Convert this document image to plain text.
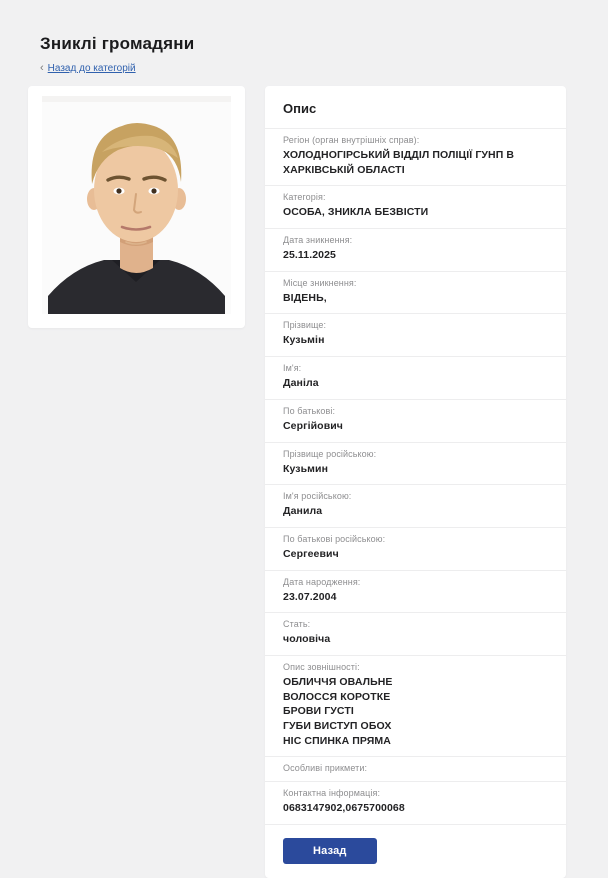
Зниклі громадяни
‹ Назад до категорій
Опис
Регіон (орган внутрішніх справ):
ХОЛОДНОГІРСЬКИЙ ВІДДІЛ ПОЛІЦІЇ ГУНП В ХАРКІВСЬКІЙ ОБЛАСТІ
Категорія:
ОСОБА, ЗНИКЛА БЕЗВІСТИ
Дата зникнення:
25.11.2025
Місце зникнення:
ВІДЕНЬ,
Прізвище:
Кузьмін
Ім'я:
Даніла
По батькові:
Сергійович
Прізвище російською:
Кузьмин
Ім'я російською:
Данила
По батькові російською:
Сергеевич
Дата народження:
23.07.2004
Стать:
чоловіча
Опис зовнішності:
ОБЛИЧЧЯ ОВАЛЬНЕ
ВОЛОССЯ КОРОТКЕ
БРОВИ ГУСТІ
ГУБИ ВИСТУП ОБОХ
НІС СПИНКА ПРЯМА
Особливі прикмети:
Контактна інформація:
0683147902,0675700068
Назад
